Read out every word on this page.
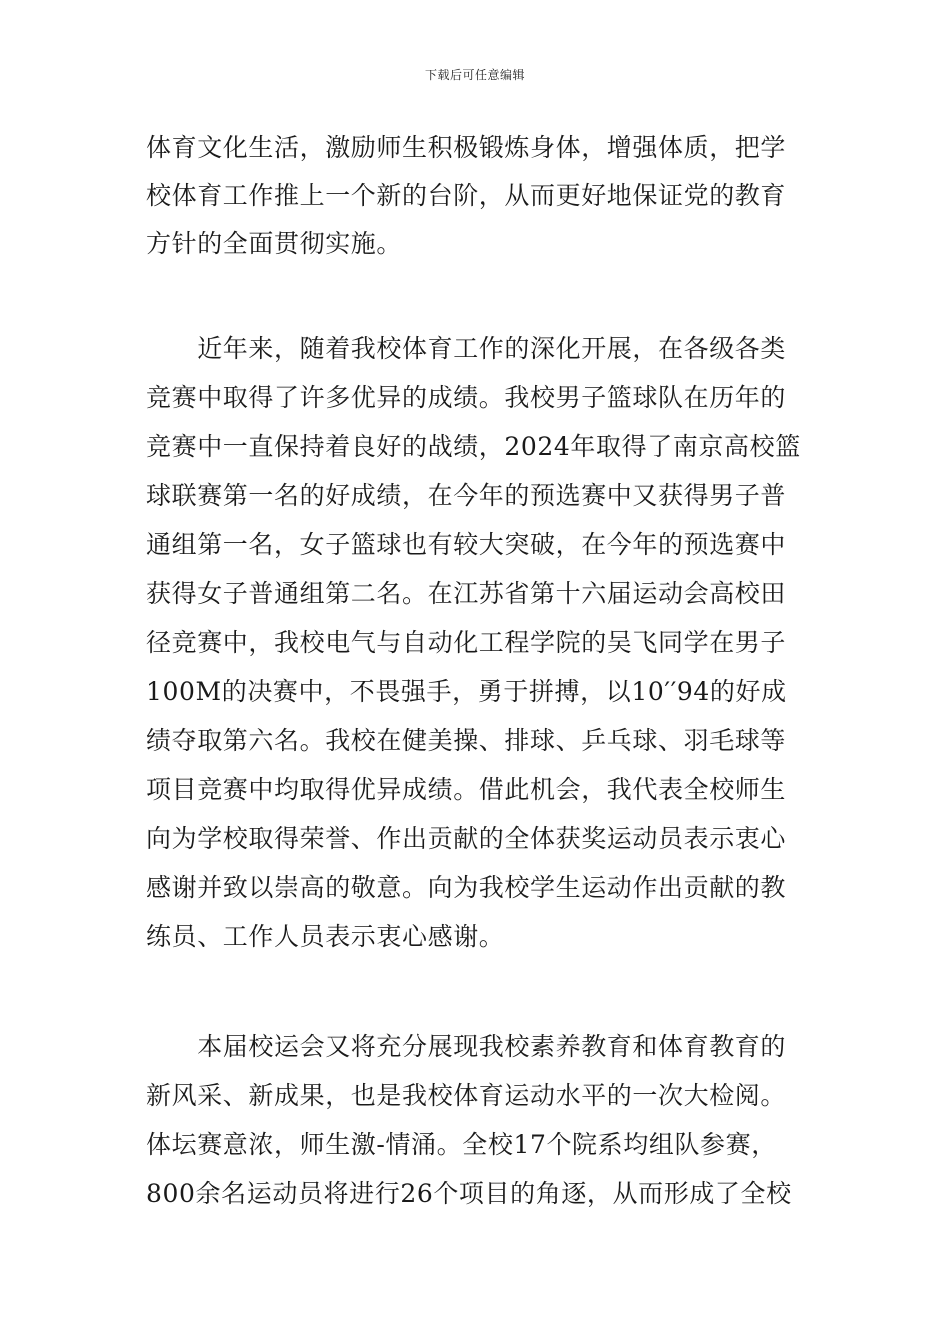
下载后可任意编辑
体育文化生活，激励师生积极锻炼身体，增强体质，把学
校体育工作推上一个新的台阶，从而更好地保证党的教育
方针的全面贯彻实施。
　　近年来，随着我校体育工作的深化开展，在各级各类
竞赛中取得了许多优异的成绩。我校男子篮球队在历年的
竞赛中一直保持着良好的战绩，2024年取得了南京高校篮
球联赛第一名的好成绩，在今年的预选赛中又获得男子普
通组第一名，女子篮球也有较大突破，在今年的预选赛中
获得女子普通组第二名。在江苏省第十六届运动会高校田
径竞赛中，我校电气与自动化工程学院的吴飞同学在男子
100M的决赛中，不畏强手，勇于拼搏，以10′′94的好成
绩夺取第六名。我校在健美操、排球、乒乓球、羽毛球等
项目竞赛中均取得优异成绩。借此机会，我代表全校师生
向为学校取得荣誉、作出贡献的全体获奖运动员表示衷心
感谢并致以崇高的敬意。向为我校学生运动作出贡献的教
练员、工作人员表示衷心感谢。
　　本届校运会又将充分展现我校素养教育和体育教育的
新风采、新成果，也是我校体育运动水平的一次大检阅。
体坛赛意浓，师生激-情涌。全校17个院系均组队参赛，
800余名运动员将进行26个项目的角逐，从而形成了全校
